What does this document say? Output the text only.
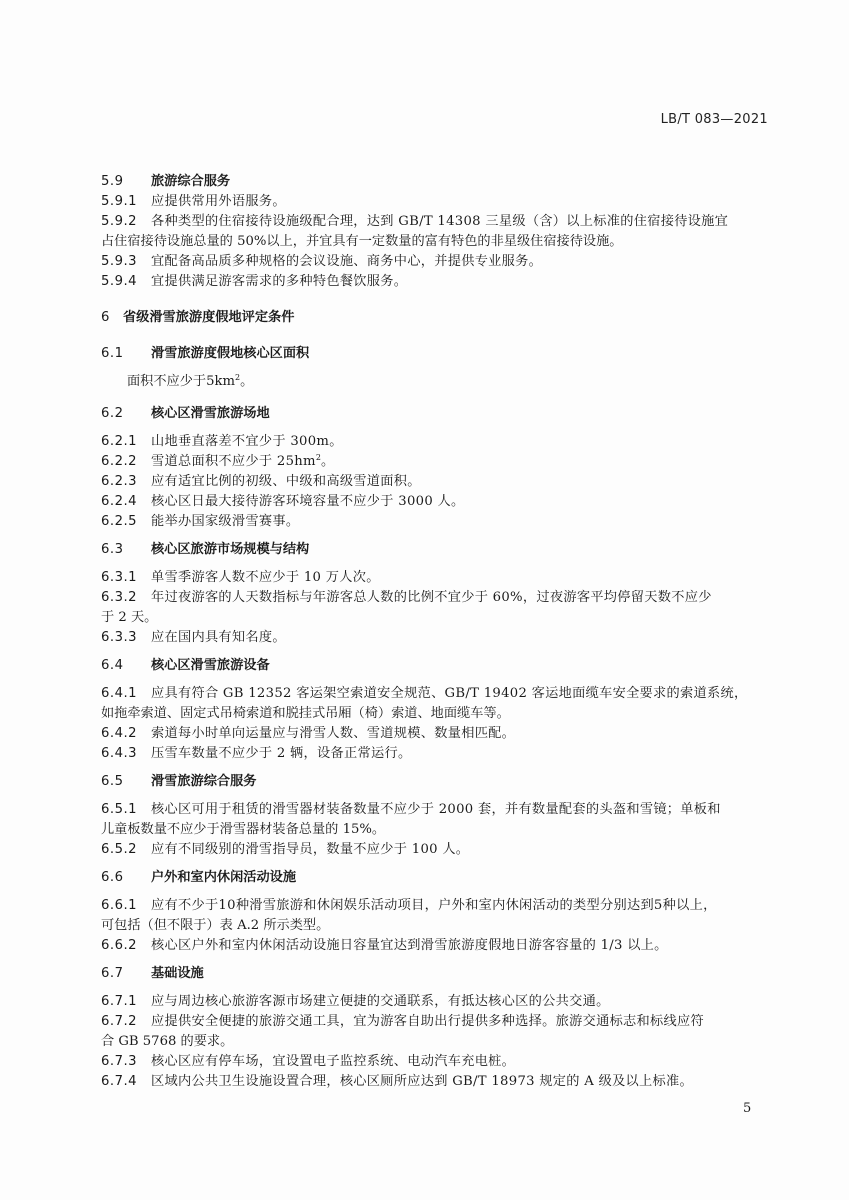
LB/T 083—2021
5.9 旅游综合服务
5.9.1 应提供常用外语服务。
5.9.2 各种类型的住宿接待设施级配合理，达到 GB/T 14308 三星级（含）以上标准的住宿接待设施宜
占住宿接待设施总量的 50%以上，并宜具有一定数量的富有特色的非星级住宿接待设施。
5.9.3 宜配备高品质多种规格的会议设施、商务中心，并提供专业服务。
5.9.4 宜提供满足游客需求的多种特色餐饮服务。
6 省级滑雪旅游度假地评定条件
6.1 滑雪旅游度假地核心区面积
面积不应少于$5km^2$。
6.2 核心区滑雪旅游场地
6.2.1 山地垂直落差不宜少于 300m。
6.2.2 雪道总面积不应少于 $25hm^2$。
6.2.3 应有适宜比例的初级、中级和高级雪道面积。
6.2.4 核心区日最大接待游客环境容量不应少于 3000 人。
6.2.5 能举办国家级滑雪赛事。
6.3 核心区旅游市场规模与结构
6.3.1 单雪季游客人数不应少于 10 万人次。
6.3.2 年过夜游客的人天数指标与年游客总人数的比例不宜少于 60%，过夜游客平均停留天数不应少
于 2 天。
6.3.3 应在国内具有知名度。
6.4 核心区滑雪旅游设备
6.4.1 应具有符合 GB 12352 客运架空索道安全规范、GB/T 19402 客运地面缆车安全要求的索道系统，
如拖牵索道、固定式吊椅索道和脱挂式吊厢（椅）索道、地面缆车等。
6.4.2 索道每小时单向运量应与滑雪人数、雪道规模、数量相匹配。
6.4.3 压雪车数量不应少于 2 辆，设备正常运行。
6.5 滑雪旅游综合服务
6.5.1 核心区可用于租赁的滑雪器材装备数量不应少于 2000 套，并有数量配套的头盔和雪镜；单板和
儿童板数量不应少于滑雪器材装备总量的 15%。
6.5.2 应有不同级别的滑雪指导员，数量不应少于 100 人。
6.6 户外和室内休闲活动设施
6.6.1 应有不少于10种滑雪旅游和休闲娱乐活动项目，户外和室内休闲活动的类型分别达到5种以上，
可包括（但不限于）表 A.2 所示类型。
6.6.2 核心区户外和室内休闲活动设施日容量宜达到滑雪旅游度假地日游客容量的 1/3 以上。
6.7 基础设施
6.7.1 应与周边核心旅游客源市场建立便捷的交通联系，有抵达核心区的公共交通。
6.7.2 应提供安全便捷的旅游交通工具，宜为游客自助出行提供多种选择。旅游交通标志和标线应符
合 GB 5768 的要求。
6.7.3 核心区应有停车场，宜设置电子监控系统、电动汽车充电桩。
6.7.4 区域内公共卫生设施设置合理，核心区厕所应达到 GB/T 18973 规定的 A 级及以上标准。
5
